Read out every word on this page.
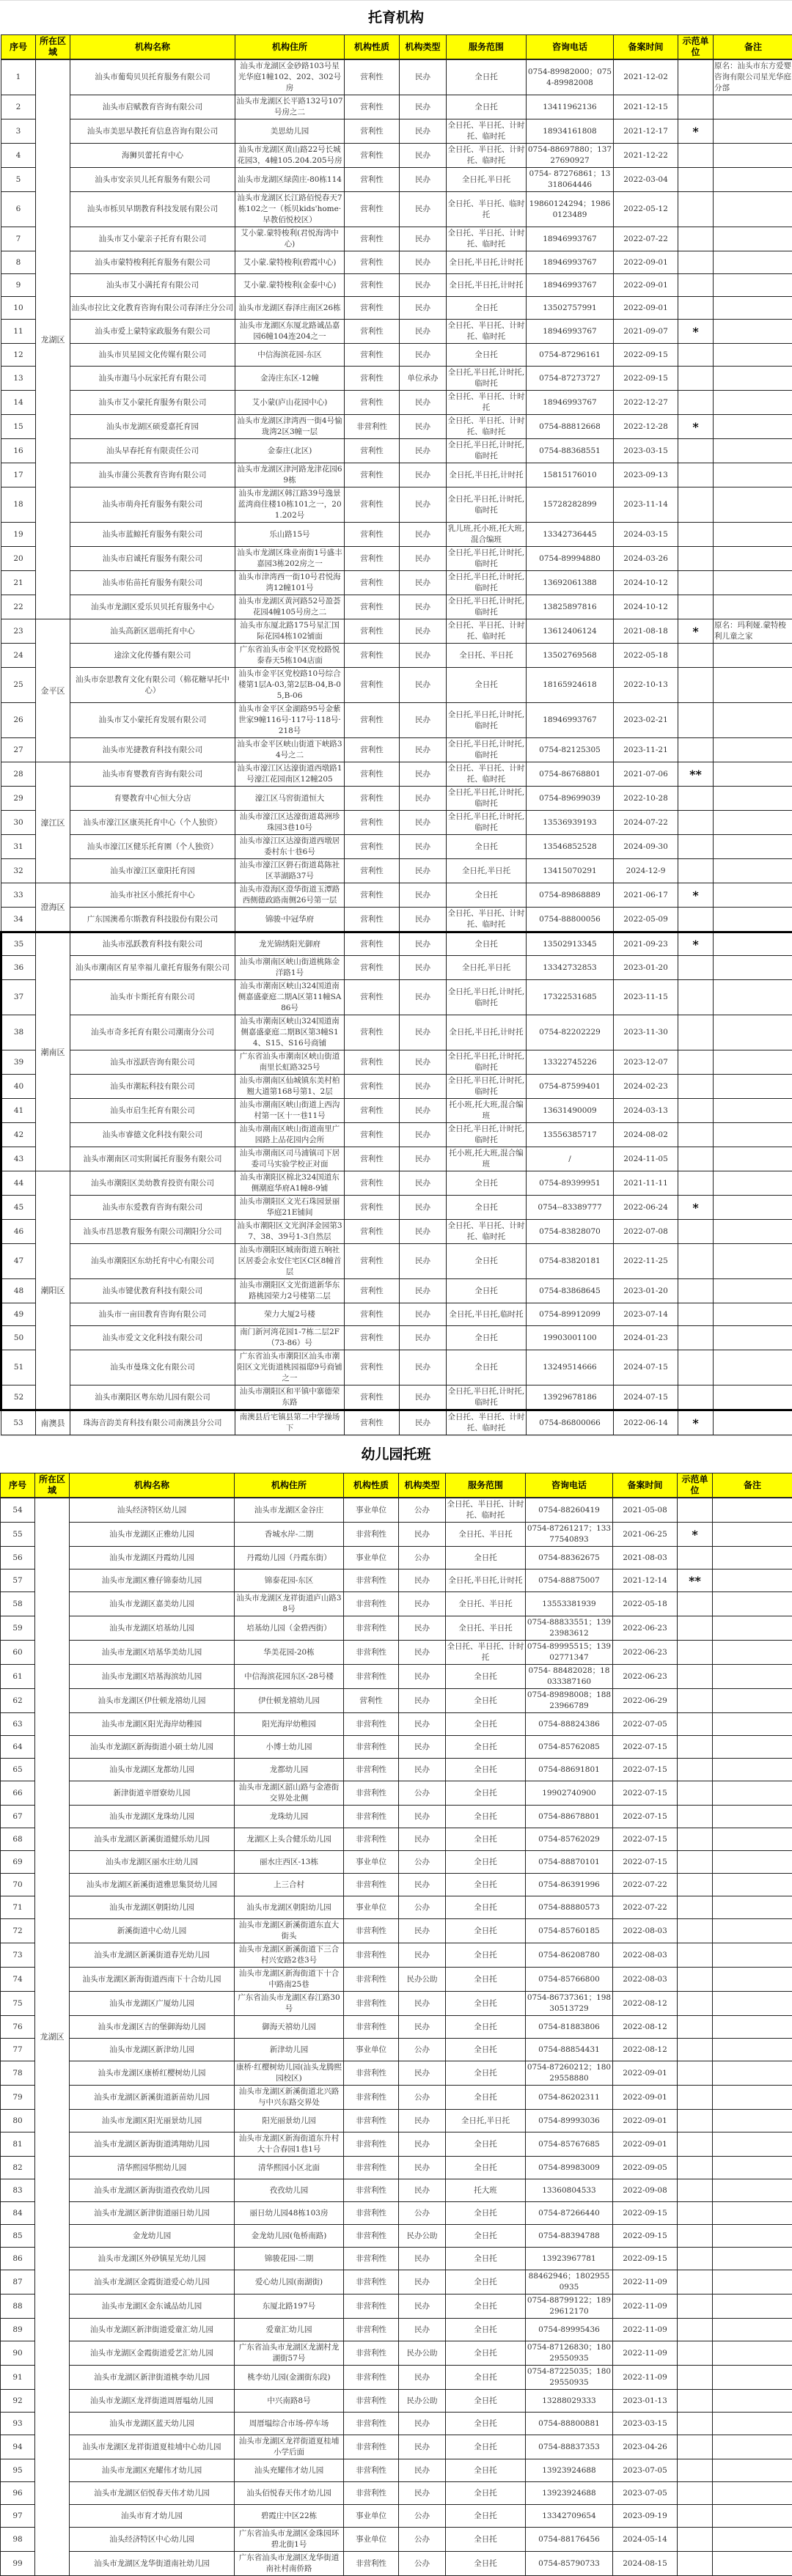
托育机构
序号	所在区域	机构名称	机构住所	机构性质	机构类型	服务范围	咨询电话	备案时间	示范单位	备注
1	龙湖区	汕头市葡萄贝贝托育服务有限公司	汕头市龙湖区金砂路103号星光华庭1幢102、202、302号房	营利性	民办	全日托	0754-89982000；0754-89982008	2021-12-02		原名：汕头市东方爱婴咨询有限公司星光华庭分部
2		汕头市启赋教育咨询有限公司	汕头市龙湖区长平路132号107号房之二	营利性	民办	全日托	13411962136	2021-12-15		
3		汕头市美思早教托育信息咨询有限公司	美思幼儿园	营利性	民办	全日托、半日托、计时托、临时托	18934161808	2021-12-17	*	
4		海狮贝蕾托育中心	汕头市龙湖区黄山路22号长城花园3，4幢105.204.205号房	营利性	民办	全日托、半日托、计时托、临时托	0754-88697880；13727690927	2021-12-22		
5		汕头市安亲贝儿托育服务有限公司	汕头市龙湖区绿茵庄-80栋114	营利性	民办	全日托,半日托	0754- 87276861；13318064446	2022-03-04		
6		汕头市栎贝早期教育科技发展有限公司	汕头市龙湖区长江路佰悦春天7栋102之一（栎贝kids'home·早教佰悦校区）	营利性	民办	全日托、半日托、临时托	19860124294；19860123489	2022-05-12		
7		汕头市艾小蒙亲子托育有限公司	艾小蒙.蒙特梭利(君悦海湾中心)	营利性	民办	全日托、半日托、计时托、临时托	18946993767	2022-07-22		
8		汕头市蒙特梭利托育服务有限公司	艾小蒙.蒙特梭利(碧霞中心)	营利性	民办	全日托,半日托,计时托	18946993767	2022-09-01		
9		汕头市艾小满托育有限公司	艾小蒙.蒙特梭利(金泰中心)	营利性	民办	全日托,半日托,计时托	18946993767	2022-09-01		
10		汕头市拉比文化教育咨询有限公司春泽庄分公司	汕头市龙湖区春泽庄南区26栋	营利性	民办	全日托	13502757991	2022-09-01		
11		汕头市爱上蒙特家政服务有限公司	汕头市龙湖区东厦北路诚品嘉园6幢104连204之一	营利性	民办	全日托、半日托、计时托、临时托	18946993767	2021-09-07	*	
12		汕头市贝星园文化传媒有限公司	中信海滨花园-东区	营利性	民办	全日托	0754-87296161	2022-09-15		
13		汕头市迦马小玩家托育有限公司	金涛庄东区-12幢	营利性	单位承办	全日托,半日托,计时托,临时托	0754-87273727	2022-09-15		
14		汕头市艾小蒙托育服务有限公司	艾小蒙(庐山花园中心)	营利性	民办	全日托、半日托、计时托	18946993767	2022-12-27		
15		汕头市龙湖区硕爱嘉托育园	汕头市龙湖区津湾西一街4号愉珑湾2区3幢一层	非营利性	民办	全日托、半日托、计时托、临时托	0754-88812668	2022-12-28	*	
16		汕头早春托育有限责任公司	金泰庄(北区)	营利性	民办	全日托,半日托,计时托,临时托	0754-88368551	2023-03-15		
17		汕头市蒲公英教育咨询有限公司	汕头市龙湖区津河路龙津花园69栋	营利性	民办	全日托,半日托,计时托	15815176010	2023-09-13		
18		汕头市萌舟托育服务有限公司	汕头市龙湖区韩江路39号逸景蓝湾商住楼10栋101之一，201.202号	营利性	民办	全日托,半日托,计时托,临时托	15728282899	2023-11-14		
19		汕头市蓝鲸托育服务有限公司	乐山路15号	营利性	民办	乳儿班,托小班,托大班,混合编班	13342736445	2024-03-15		
20		汕头市启诚托育服务有限公司	汕头市龙湖区珠业南街1号盛丰嘉园3栋202房之一	营利性	民办	全日托,半日托,计时托,临时托	0754-89994880	2024-03-26		
21		汕头市佑苗托育服务有限公司	汕头市津湾西一街10号君悦海湾12幢101号	营利性	民办	全日托,半日托,计时托,临时托	13692061388	2024-10-12		
22		汕头市龙湖区爱乐贝贝托育服务中心	汕头市龙湖区黄河路52号盈荟花园4幢105号房之二	营利性	民办	全日托,半日托,计时托,临时托	13825897816	2024-10-12		
23	金平区	汕头高新区恩萌托育中心	汕头市东厦北路175号星汇国际花园4栋102铺面	营利性	民办	全日托、半日托、计时托、临时托	13612406124	2021-08-18	*	原名：玛利娅.蒙特梭利儿童之家
24		途涂文化传播有限公司	广东省汕头市金平区党校路悦泰春天5栋104店面	营利性	民办	全日托、半日托	13502769568	2022-05-18		
25		汕头市奈思教育文化有限公司（棉花糖早托中心）	汕头市金平区党校路10号综合楼第1层A-03,第2层B-04,B-05,B-06	营利性	民办	全日托	18165924618	2022-10-13		
26		汕头市艾小蒙托育发展有限公司	汕头市金平区金湖路95号金紫世家9幢116号·117号·118号·218号	营利性	民办	全日托,半日托,计时托,临时托	18946993767	2023-02-21		
27		汕头市光捷教育科技有限公司	汕头市金平区峡山街道下峡路34号之二	营利性	民办	全日托,半日托,计时托,临时托	0754-82125305	2023-11-21		
28	濠江区	汕头市育婴教育咨询有限公司	汕头市濠江区达濠街道西墩路1号濠江花园南区12幢205	营利性	民办	全日托、半日托、计时托、临时托	0754-86768801	2021-07-06	**	
29		育婴教育中心恒大分店	濠江区马窖街道恒大	营利性	民办	全日托,半日托,计时托,临时托	0754-89699039	2022-10-28		
30		汕头市濠江区康英托育中心（个人独资）	汕头市濠江区达濠街道葛洲珍珠园3巷10号	营利性	民办	全日托,半日托,计时托,临时托	13536939193	2024-07-22		
31		汕头市濠江区健乐托育園（个人独资）	汕头市濠江区达濠街道西墩居委村东十巷6号	营利性	民办	全日托	13546852528	2024-09-30		
32		汕头市濠江区童阳托育园	汕头市濠江区礐石街道葛陈社区莘湖路37号	营利性	民办	全日托,半日托	13415070291	2024-12-9		
33	澄海区	汕头市社区小熊托育中心	汕头市澄海区澄华街道玉潭路西侧德政路南侧26号第一层	营利性	民办	全日托	0754-89868889	2021-06-17	*	
34		广东国澳希尔斯教育科技股份有限公司	锦骏·中冠华府	营利性	民办	全日托、半日托、计时托、临时托	0754-88800056	2022-05-09		
35	潮南区	汕头市泓跃教育科技有限公司	龙光锦绣阳光御府	营利性	民办	全日托	13502913345	2021-09-23	*	
36		汕头市潮南区育星幸福儿童托育服务有限公司	汕头市潮南区峡山街道桃陈金洋路1号	营利性	民办	全日托,半日托	13342732853	2023-01-20		
37		汕头市卡斯托育有限公司	汕头市潮南区峡山324国道南侧嘉盛豪庭二期A区第11幢SA86号	营利性	民办	全日托,半日托,计时托,临时托	17322531685	2023-11-15		
38		汕头市奇多托育有限公司潮南分公司	汕头市潮南区峡山324国道南侧嘉盛豪庭二期B区第3幢S14、S15、S16号商铺	营利性	民办	全日托,半日托,计时托	0754-82202229	2023-11-30		
39		汕头市泓跃咨询有限公司	广东省汕头市潮南区峡山街道南里长虹路325号	营利性	民办	全日托,半日托,计时托,临时托	13322745226	2023-12-07		
40		汕头市潮耘科技有限公司	汕头市潮南区仙城镇东美村柏翘大道第168号第1、2层	营利性	民办	全日托,半日托,计时托,临时托	0754-87599401	2024-02-23		
41		汕头市启生托育有限公司	汕头市潮南区峡山街道上西沟村第一区十一巷11号	营利性	民办	托小班,托大班,混合编班	13631490009	2024-03-13		
42		汕头市睿德文化科技有限公司	汕头市潮南区峡山街道南里广园路上品花园内会所	营利性	民办	全日托,半日托,计时托,临时托	13556385717	2024-08-02		
43		汕头市潮南区司实附属托育服务有限公司	汕头市潮南区司马浦镇司下居委司马实验学校正对面	营利性	民办	托小班,托大班,混合编班	/	2024-11-05		
44	潮阳区	汕头市潮阳区美幼教育投资有限公司	汕头市潮阳区棉北324国道东侧潮庭华府A1幢8-9铺	营利性	民办	全日托	0754-89399951	2021-11-11		
45		汕头市东爱教育咨询有限公司	汕头市潮阳区文光石珠园景丽华庭21E铺间	营利性	民办	全日托	0754--83389777	2022-06-24	*	
46		汕头市昌思教育服务有限公司潮阳分公司	汕头市潮阳区文光润泽金园第37、38、39号1-3自然层	营利性	民办	全日托、半日托、计时托、临时托	0754-83828070	2022-07-08		
47		汕头市潮阳区东幼托育中心有限公司	汕头市潮阳区城南街道五响社区居委会永安住宅区C区8幢首层	营利性	民办	全日托	0754-83820181	2022-11-25		
48		汕头市键优教育科技有限公司	汕头市潮阳区文光街道新华东路桃园荣力2号楼第二层	营利性	民办	全日托	0754-83868645	2023-01-20		
49		汕头市一亩田教育咨询有限公司	荣力大厦2号楼	营利性	民办	全日托,半日托,临时托	0754-89912099	2023-07-14		
50		汕头市爱文文化科技有限公司	南门新河湾花园1-7栋二层2F（73-86）号	营利性	民办	全日托	19903001100	2024-01-23		
51		汕头市曼珠文化有限公司	广东省汕头市潮阳区汕头市潮阳区文光街道桃园福邸9号商铺之一	营利性	民办	全日托	13249514666	2024-07-15		
52		汕头市潮阳区粤东幼儿园有限公司	汕头市潮阳区和平镇中寨德荣东路	营利性	民办	全日托,半日托,计时托,临时托	13929678186	2024-07-15		
53	南澳县	珠海音韵美育科技有限公司南澳县分公司	南澳县后宅镇县第二中学操场下	营利性	民办	全日托、半日托、计时托、临时托	0754-86800066	2022-06-14	*	
幼儿园托班
序号	所在区域	机构名称	机构住所	机构性质	机构类型	服务范围	咨询电话	备案时间	示范单位	备注
54	龙湖区	汕头经济特区幼儿园	汕头市龙湖区金谷庄	事业单位	公办	全日托、半日托、计时托、临时托	0754-88260419	2021-05-08		
55		汕头市龙湖区正雅幼儿园	香城水岸-二期	非营利性	民办	全日托、半日托	0754-87261217；13377540893	2021-06-25	*	
56		汕头市龙湖区丹霞幼儿园	丹霞幼儿园（丹霞东街）	事业单位	公办	全日托	0754-88362675	2021-08-03		
57		汕头市龙湖区雅仔锦泰幼儿园	锦泰花园-东区	非营利性	民办	全日托,半日托,计时托	0754-88875007	2021-12-14	**	
58		汕头市龙湖区嘉美幼儿园	汕头市龙湖区龙祥街道庐山路38号	非营利性	民办	全日托、半日托	13553381939	2022-05-18		
59		汕头市龙湖区培基幼儿园	培基幼儿园（金碧西街）	非营利性	民办	全日托、半日托	0754-88833551；13923983612	2022-06-23		
60		汕头市龙湖区培基华美幼儿园	华美花园-20栋	非营利性	民办	全日托、半日托、计时托	0754-89995515；13902771347	2022-06-23		
61		汕头市龙湖区培基海滨幼儿园	中信海滨花园东区-28号楼	非营利性	民办	全日托	0754- 88482028；18033387160	2022-06-23		
62		汕头市龙湖区伊仕顿龙禧幼儿园	伊仕顿龙禧幼儿园	营利性	民办	全日托	0754-89898008；18823966789	2022-06-29		
63		汕头市龙湖区阳光海岸幼稚园	阳光海岸幼稚园	非营利性	民办	全日托	0754-88824386	2022-07-05		
64		汕头市龙湖区新海街道小硕士幼儿园	小博士幼儿园	非营利性	民办	全日托	0754-85762085	2022-07-15		
65		汕头市龙湖区龙都幼儿园	龙都幼儿园	非营利性	民办	全日托	0754-88691801	2022-07-15		
66		新津街道辛厝寮幼儿园	汕头市龙湖区韶山路与金港街交界处北侧	非营利性	公办	全日托	19902740900	2022-07-15		
67		汕头市龙湖区龙珠幼儿园	龙珠幼儿园	非营利性	民办	全日托	0754-88678801	2022-07-15		
68		汕头市龙湖区新溪街道健乐幼儿园	龙湖区上头合健乐幼儿园	非营利性	民办	全日托	0754-85762029	2022-07-15		
69		汕头市龙湖区丽水庄幼儿园	丽水庄西区-13栋	事业单位	公办	全日托	0754-88870101	2022-07-15		
70		汕头市龙湖区新溪街道雅思集贤幼儿园	上三合村	非营利性	民办	全日托	0754-86391996	2022-07-22		
71		汕头市龙湖区朝阳幼儿园	汕头市龙湖区朝阳幼儿园	事业单位	公办	全日托	0754-88880573	2022-07-22		
72		新溪街道中心幼儿园	汕头市龙湖区新溪街道东直大街头	非营利性	民办	全日托	0754-85760185	2022-08-03		
73		汕头市龙湖区新溪街道春光幼儿园	汕头市龙湖区新溪街道下三合村兴安路2巷3号	非营利性	民办	全日托	0754-86208780	2022-08-03		
74		汕头市龙湖区新海街道西南下十合幼儿园	汕头市龙湖区新海街道下十合中路南25巷	非营利性	民办公助	全日托	0754-85766800	2022-08-03		
75		汕头市龙湖区广厦幼儿园	广东省汕头市龙湖区春江路30号	非营利性	民办	全日托	0754-86737361；19830513729	2022-08-12		
76		汕头市龙湖区吉的堡御海幼儿园	御海天禧幼儿园	非营利性	民办	全日托	0754-81883806	2022-08-12		
77		汕头市龙湖区新津幼儿园	新津幼儿园	事业单位	公办	全日托	0754-88854431	2022-08-12		
78		汕头市龙湖区康桥红樱树幼儿园	康桥·红樱树幼儿园(汕头龙腾熙园校区)	非营利性	民办	全日托	0754-87260212；18029558880	2022-09-01		
79		汕头市龙湖区新溪街道新苗幼儿园	汕头市龙湖区新溪街道北兴路与中兴东路交界处	非营利性	公办	全日托	0754-86202311	2022-09-01		
80		汕头市龙湖区阳光丽景幼儿园	阳光丽景幼儿园	非营利性	民办	全日托,半日托	0754-89993036	2022-09-01		
81		汕头市龙湖区新海街道鸿翔幼儿园	汕头市龙湖区新海街道东升村大十合春园1巷1号	非营利性	民办	全日托	0754-85767685	2022-09-01		
82		清华熙园华熙幼儿园	清华熙园小区北面	非营利性	民办	全日托	0754-89983009	2022-09-05		
83		汕头市龙湖区新海街道孜孜幼儿园	孜孜幼儿园	非营利性	民办	托大班	13360804533	2022-09-08		
84		汕头市龙湖区新津街道丽日幼儿园	丽日幼儿园48栋103房	非营利性	公办	全日托	0754-87266440	2022-09-15		
85		金龙幼儿园	金龙幼儿园(龟桥南路)	非营利性	民办公助	全日托	0754-88394788	2022-09-15		
86		汕头市龙湖区外砂镇星光幼儿园	锦骏花园-二期	非营利性	民办	全日托	13923967781	2022-09-15		
87		汕头市龙湖区金霞街道爱心幼儿园	爱心幼儿园(南湖街)	非营利性	民办	全日托	88462946；18029550935	2022-11-09		
88		汕头市龙湖区金东诚品幼儿园	东厦北路197号	非营利性	民办	全日托	0754-88799122；18929612170	2022-11-09		
89		汕头市龙湖区新津街道爱童汇幼儿园	爱童汇幼儿园	非营利性	民办	全日托	0754-89995436	2022-11-09		
90		汕头市龙湖区金霞街道爱艺汇幼儿园	广东省汕头市龙湖区龙湖村龙湖街57号	非营利性	民办公助	全日托	0754-87126830；18029550935	2022-11-09		
91		汕头市龙湖区新津街道桃李幼儿园	桃李幼儿园(金湖街东段)	非营利性	民办	全日托	0754-87225035；18029550935	2022-11-09		
92		汕头市龙湖区龙祥街道周厝塭幼儿园	中兴南路8号	非营利性	民办公助	全日托	13288029333	2023-01-13		
93		汕头市龙湖区蓝天幼儿园	周厝塭综合市场-停车场	非营利性	民办	全日托	0754-88800881	2023-03-15		
94		汕头市龙湖区龙祥街道夏桂埔中心幼儿园	汕头市龙湖区龙祥街道夏桂埔小学后面	非营利性	民办	全日托	0754-88837353	2023-04-26		
95		汕头市龙湖区充耀伟才幼儿园	汕头充耀伟才幼儿园	非营利性	民办	全日托	13923924688	2023-07-05		
96		汕头市龙湖区佰悦春天伟才幼儿园	汕头佰悦春天伟才幼儿园	非营利性	民办	全日托	13923924688	2023-07-05		
97		汕头市育才幼儿园	碧霞庄中区22栋	事业单位	公办	全日托	13342709654	2023-09-19		
98		汕头经济特区中心幼儿园	广东省汕头市龙湖区金珠园环碧北街1号	事业单位	公办	全日托	0754-88176456	2024-05-14		
99		汕头市龙湖区龙华街道南社幼儿园	广东省汕头市龙湖区龙华街道南社村南侨路	非营利性	公办	全日托	0754-85790733	2024-08-15		
